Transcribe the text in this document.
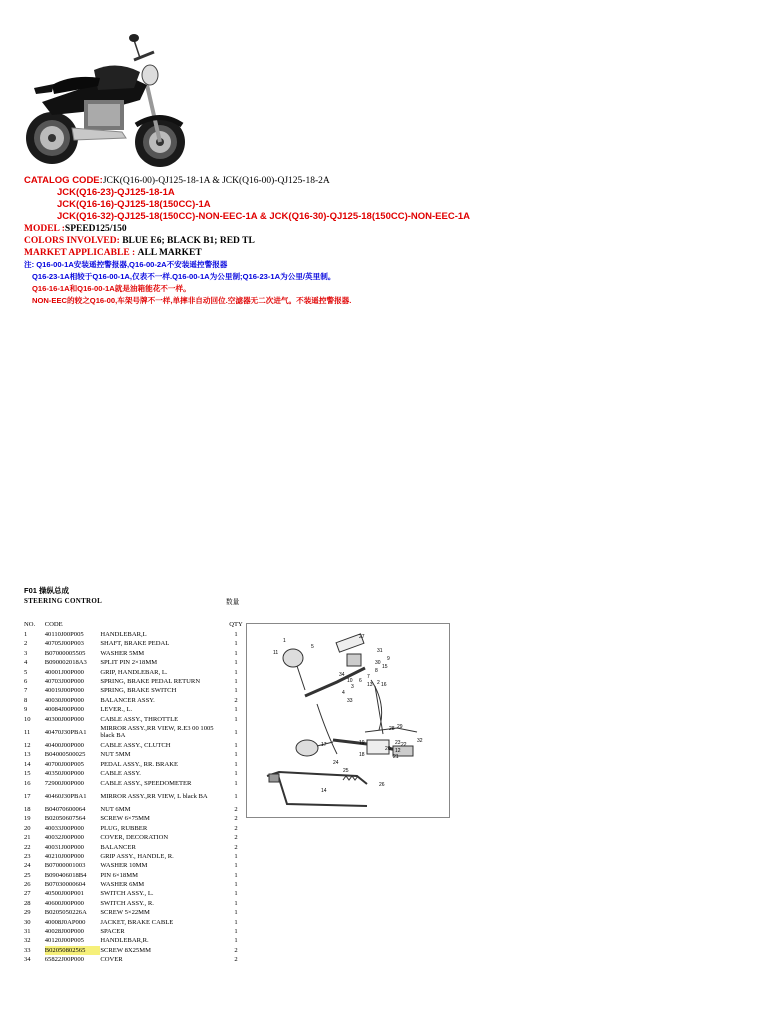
CATALOG CODE:JCK(Q16-00)-QJ125-18-1A & JCK(Q16-00)-QJ125-18-2A
JCK(Q16-23)-QJ125-18-1A
JCK(Q16-16)-QJ125-18(150CC)-1A
JCK(Q16-32)-QJ125-18(150CC)-NON-EEC-1A & JCK(Q16-30)-QJ125-18(150CC)-NON-EEC-1A
MODEL :SPEED125/150
COLORS INVOLVED: BLUE E6; BLACK B1; RED TL
MARKET APPLICABLE : ALL MARKET
注: Q16-00-1A安装遥控警报器,Q16-00-2A不安装遥控警报器
Q16-23-1A相较于Q16-00-1A,仅表不一样.Q16-00-1A为公里制;Q16-23-1A为公里/英里制。
Q16-16-1A和Q16-00-1A就是油箱能花不一样。
NON-EEC的较之Q16-00,车架号牌不一样,单摔非自动回位.空滤器无二次进气。不装遥控警报器.
F01 操纵总成
STEERING CONTROL
NO.	CODE		QTY
1	40110J00P005	HANDLEBAR,L	1
2	40705J00P003	SHAFT, BRAKE PEDAL	1
3	B07000005505	WASHER 5MM	1
4	B090002018A3	SPLIT PIN 2×18MM	1
5	40001J00P000	GRIP, HANDLEBAR, L.	1
6	40703J00P000	SPRING, BRAKE PEDAL RETURN	1
7	40019J00P000	SPRING, BRAKE SWITCH	1
8	40030J00P000	BALANCER ASSY.	2
9	40084J00P000	LEVER., L.	1
10	40300J00P000	CABLE ASSY., THROTTLE	1
11	40470J30PBA1	MIRROR ASSY.,RR VIEW, R.E3 00 1005 black BA	1
12	40400J00P000	CABLE ASSY., CLUTCH	1
13	B04000500025	NUT 5MM	1
14	40700J00P005	PEDAL ASSY., RR. BRAKE	1
15	40350J00P000	CABLE ASSY.	1
16	72900J00P000	CABLE ASSY., SPEEDOMETER	1
17	40460J30PBA1	MIRROR ASSY.,RR VIEW, L black BA	1
18	B04070600064	NUT 6MM	2
19	B02050607564	SCREW 6×75MM	2
20	40033J00P000	PLUG, RUBBER	2
21	40032J00P000	COVER, DECORATION	2
22	40031J00P000	BALANCER	2
23	40210J00P000	GRIP ASSY., HANDLE, R.	1
24	B07000001003	WASHER 10MM	1
25	B090406018B4	PIN 6×18MM	1
26	B07030000604	WASHER 6MM	1
27	40500J00P001	SWITCH ASSY., L.	1
28	40600J00P000	SWITCH ASSY., R.	1
29	B0205050226A	SCREW 5×22MM	1
30	40008J0AP000	JACKET, BRAKE CABLE	1
31	40028J00P000	SPACER	1
32	40120J00P005	HANDLEBAR,R.	1
33	B02050802565	SCREW 8X25MM	2
34	65822J00P000	COVER	2
数量
1
2
3
4
5
6
7
8
9
10
11
12
13
14
15
16
17
18
19
20
21
22
23
24
25
26
27
28 29
30
31
32
33
34
